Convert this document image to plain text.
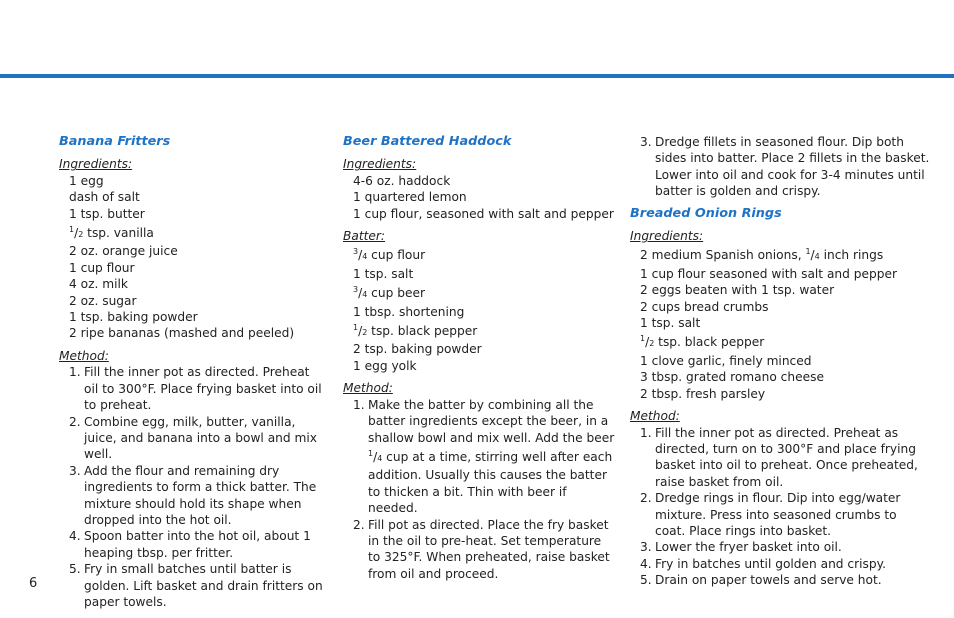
Banana Fritters
Ingredients:
1 egg
dash of salt
1 tsp. butter
$^1$/2 tsp. vanilla
2 oz. orange juice
1 cup flour
4 oz. milk
2 oz. sugar
1 tsp. baking powder
2 ripe bananas (mashed and peeled)
Method:
1. Fill the inner pot as directed. Preheat oil to 300°F. Place frying basket into oil to preheat.
2. Combine egg, milk, butter, vanilla, juice, and banana into a bowl and mix well.
3. Add the flour and remaining dry ingredients to form a thick batter. The mixture should hold its shape when dropped into the hot oil.
4. Spoon batter into the hot oil, about 1 heaping tbsp. per fritter.
5. Fry in small batches until batter is golden. Lift basket and drain fritters on paper towels.
Beer Battered Haddock
Ingredients:
4-6 oz. haddock
1 quartered lemon
1 cup flour, seasoned with salt and pepper
Batter:
$^3$/4 cup flour
1 tsp. salt
$^3$/4 cup beer
1 tbsp. shortening
$^1$/2 tsp. black pepper
2 tsp. baking powder
1 egg yolk
Method:
1. Make the batter by combining all the batter ingredients except the beer, in a shallow bowl and mix well. Add the beer $^1$/4 cup at a time, stirring well after each addition. Usually this causes the batter to thicken a bit. Thin with beer if needed.
2. Fill pot as directed. Place the fry basket in the oil to pre-heat. Set temperature to 325°F. When preheated, raise basket from oil and proceed.
3. Dredge fillets in seasoned flour. Dip both sides into batter. Place 2 fillets in the basket. Lower into oil and cook for 3-4 minutes until batter is golden and crispy.
Breaded Onion Rings
Ingredients:
2 medium Spanish onions, $^1$/4 inch rings
1 cup flour seasoned with salt and pepper
2 eggs beaten with 1 tsp. water
2 cups bread crumbs
1 tsp. salt
$^1$/2 tsp. black pepper
1 clove garlic, finely minced
3 tbsp. grated romano cheese
2 tbsp. fresh parsley
Method:
1. Fill the inner pot as directed. Preheat as directed, turn on to 300°F and place frying basket into oil to preheat. Once preheated, raise basket from oil.
2. Dredge rings in flour. Dip into egg/water mixture. Press into seasoned crumbs to coat. Place rings into basket.
3. Lower the fryer basket into oil.
4. Fry in batches until golden and crispy.
5. Drain on paper towels and serve hot.
6
